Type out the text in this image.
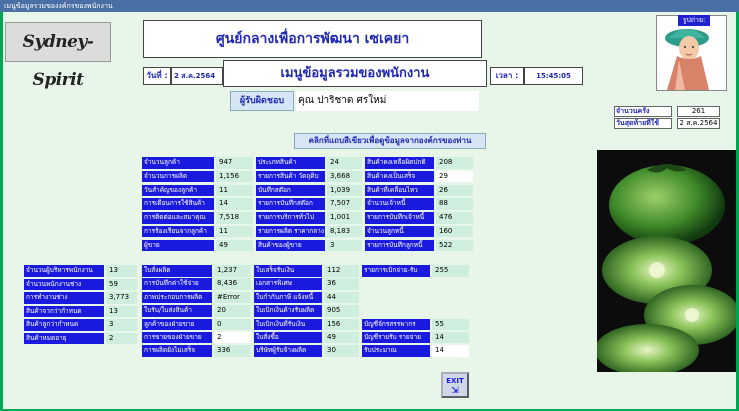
เมนูข้อมูลรวมของงค์กรของพนักงาน
Sydney-Spirit
ศูนย์กลางเพื่อการพัฒนา เซเคยา
เมนูข้อมูลรวมของพนักงาน
วันที่ : 2 ส.ค.2564	เวลา :	15:45:05
รูปถ่าย:
ผู้รับผิดชอบ	คุณ ปาริชาต ศรใหม่
จำนวนครั้ง	261
วันสุดท้ายที่ใช้	2 ส.ค.2564
คลิกที่แถบสีเขียวเพื่อดูข้อมูลจากองค์กรของท่าน
จำนวนลูกค้า	947	ประเภทสินค้า	24	สินค้าคงเหลือผิดปกติ	208
จำนวนการผลิต	1,156	รายการสินค้า วัตถุดิบ	3,668	สินค้าคงเป็นเสร็จ	29
วันสำคัญของลูกค้า	11	บันทึกสต๊อก	1,039	สินค้าที่เคลื่อนไหว	26
การเตือนการใช้สินค้า	14	รายการบันทึกสต๊อก	7,507	จำนวนเจ้าหนี้	88
การติดต่อและสมาคุณ	7,518	รายการบริการทั่วไป	1,001	รายการบันทึกเจ้าหนี้	476
การร้องเรียนจากลูกค้า	11	รายการผลิต ราคากลาง 8,183	จำนวนลูกหนี้	160
ผู้ขาย	49	สินค้าของผู้ขาย	3	รายการบันทึกลูกหนี้	522
จำนวนผู้บริหารพนักงาน	13
จำนวนพนักงานช่าง	59
การทำงานช่าง	3,773
สินค้าจากว่ากำหนด	13
สินค้าลูกว่ากำหนด	3
สินค้าหมดอายุ	2
ใบสั่งผลิต	1,237	ใบเสร็จรับเงิน	112	รายการเบิกจ่าย-รับ	255
การบันทึกค่าใช้จ่าย	8,436	เอกสารพิเศษ	36
ภาพประกอบการผลิต	#Error	ใบกำกับภาษี แจ้งหนี้	44
ใบรับ/ใบส่งสินค้า	20	ใบเบิกเงินค้างรับผลิต	905
ลูกค้าของฝ่ายขาย	0	ใบเบิกเงินที่รับเงิน	156	บัญชีจักรสรรพากร	55
การขายของฝ่ายขาย	2	ใบสั่งซื้อ	49	บัญชีรายรับ รายจ่าย	14
การผลิตยังไม่เสร็จ	336	บริษัทผู้รับจ้างผลิต	30	รับประมาณ	14
EXIT
⇲
